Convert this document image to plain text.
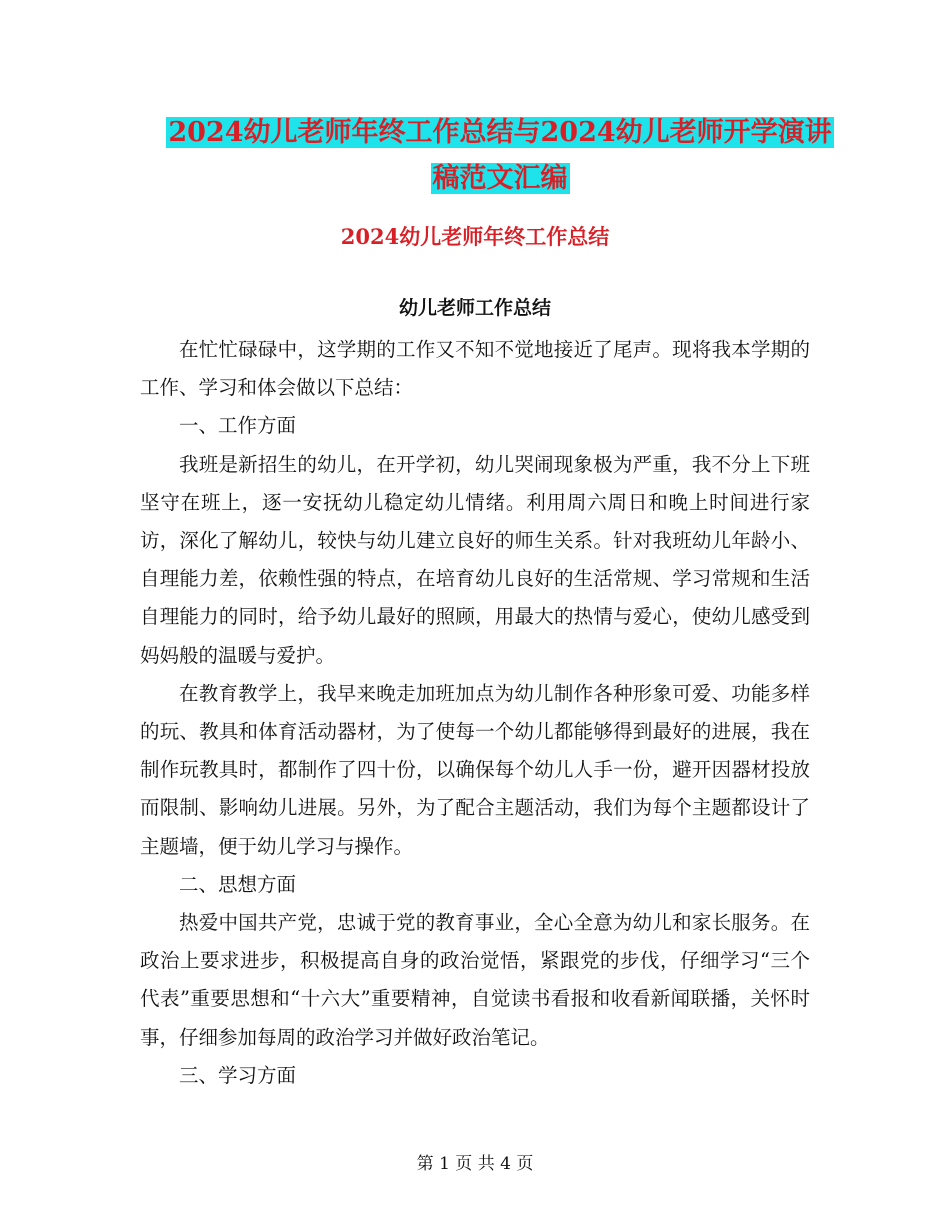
2024幼儿老师年终工作总结与2024幼儿老师开学演讲
稿范文汇编
2024幼儿老师年终工作总结
幼儿老师工作总结

在忙忙碌碌中，这学期的工作又不知不觉地接近了尾声。现将我本学期的工作、学习和体会做以下总结：

一、工作方面

我班是新招生的幼儿，在开学初，幼儿哭闹现象极为严重，我不分上下班坚守在班上，逐一安抚幼儿稳定幼儿情绪。利用周六周日和晚上时间进行家访，深化了解幼儿，较快与幼儿建立良好的师生关系。针对我班幼儿年龄小、自理能力差，依赖性强的特点，在培育幼儿良好的生活常规、学习常规和生活自理能力的同时，给予幼儿最好的照顾，用最大的热情与爱心，使幼儿感受到妈妈般的温暖与爱护。

在教育教学上，我早来晚走加班加点为幼儿制作各种形象可爱、功能多样的玩、教具和体育活动器材，为了使每一个幼儿都能够得到最好的进展，我在制作玩教具时，都制作了四十份，以确保每个幼儿人手一份，避开因器材投放而限制、影响幼儿进展。另外，为了配合主题活动，我们为每个主题都设计了主题墙，便于幼儿学习与操作。

二、思想方面

热爱中国共产党，忠诚于党的教育事业，全心全意为幼儿和家长服务。在政治上要求进步，积极提高自身的政治觉悟，紧跟党的步伐，仔细学习“三个代表”重要思想和“十六大”重要精神，自觉读书看报和收看新闻联播，关怀时事，仔细参加每周的政治学习并做好政治笔记。

三、学习方面

第 1 页 共 4 页
